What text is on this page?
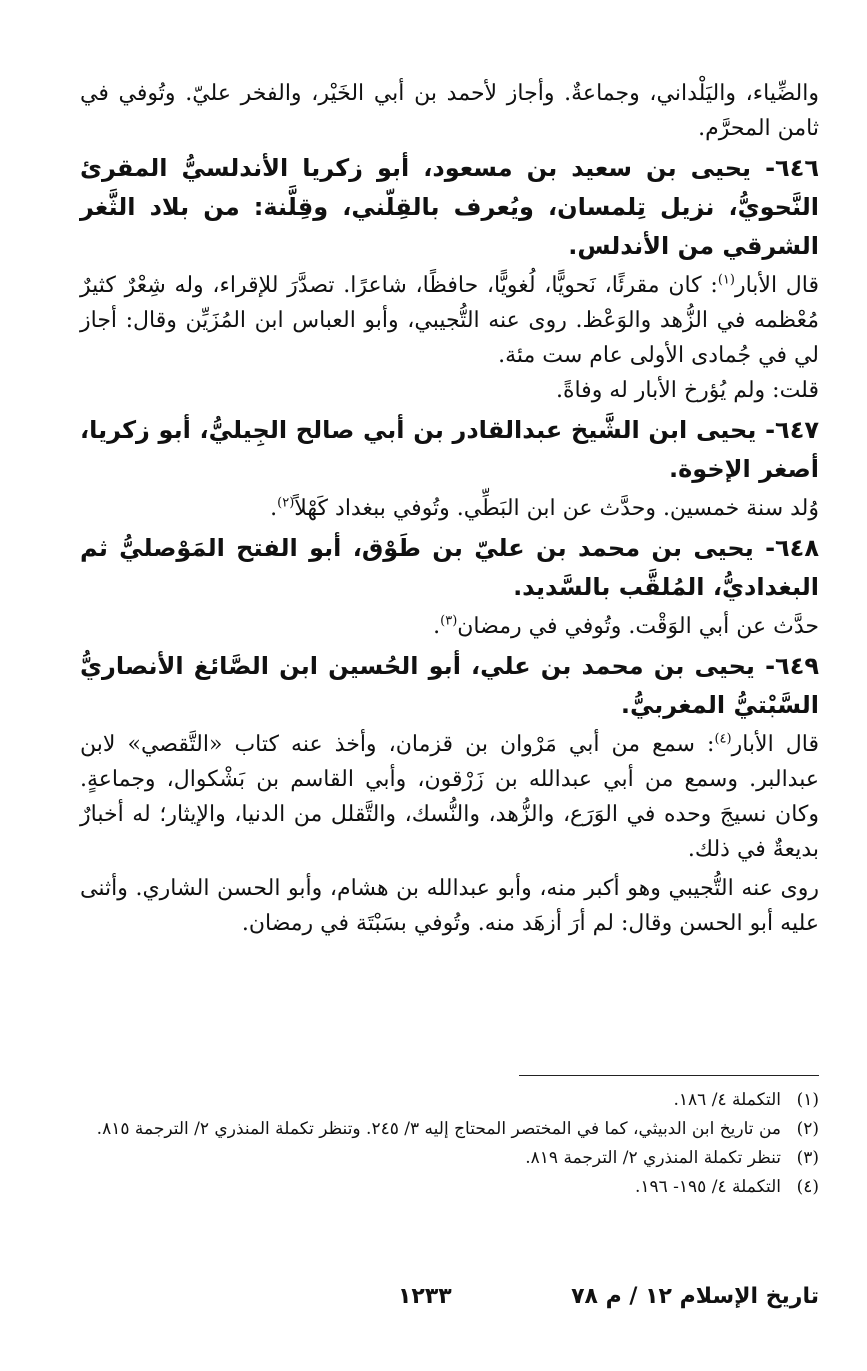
والضِّياء، واليَلْداني، وجماعةٌ. وأجاز لأحمد بن أبي الخَيْر، والفخر عليّ. وتُوفي في ثامن المحرَّم.

٦٤٦- يحيى بن سعيد بن مسعود، أبو زكريا الأندلسيُّ المقرئ النَّحويُّ، نزيل تِلمسان، ويُعرف بالقِلّني، وقِلَّنة: من بلاد الثَّغر الشرقي من الأندلس.

قال الأبار$^{(١)}$: كان مقرئًا، نَحويًّا، لُغويًّا، حافظًا، شاعرًا. تصدَّرَ للإقراء، وله شِعْرٌ كثيرٌ مُعْظمه في الزُّهد والوَعْظ. روى عنه التُّجيبي، وأبو العباس ابن المُزَيِّن وقال: أجاز لي في جُمادى الأولى عام ست مئة.

قلت: ولم يُؤرخ الأبار له وفاةً.

٦٤٧- يحيى ابن الشَّيخ عبدالقادر بن أبي صالح الجِيليُّ، أبو زكريا، أصغر الإخوة.

وُلد سنة خمسين. وحدَّث عن ابن البَطِّي. وتُوفي ببغداد كَهْلاً$^{(٢)}$.

٦٤٨- يحيى بن محمد بن عليّ بن طَوْق، أبو الفتح المَوْصليُّ ثم البغداديُّ، المُلقَّب بالسَّديد.

حدَّث عن أبي الوَقْت. وتُوفي في رمضان$^{(٣)}$.

٦٤٩- يحيى بن محمد بن علي، أبو الحُسين ابن الصَّائغ الأنصاريُّ السَّبْتيُّ المغربيُّ.

قال الأبار$^{(٤)}$: سمع من أبي مَرْوان بن قزمان، وأخذ عنه كتاب «التَّقصي» لابن عبدالبر. وسمع من أبي عبدالله بن زَرْقون، وأبي القاسم بن بَشْكوال، وجماعةٍ. وكان نسيجَ وحده في الوَرَع، والزُّهد، والنُّسك، والتَّقلل من الدنيا، والإيثار؛ له أخبارٌ بديعةٌ في ذلك.

روى عنه التُّجيبي وهو أكبر منه، وأبو عبدالله بن هشام، وأبو الحسن الشاري. وأثنى عليه أبو الحسن وقال: لم أرَ أزهَد منه. وتُوفي بسَبْتَة في رمضان.

(١)
التكملة ٤/ ١٨٦.
(٢)
من تاريخ ابن الدبيثي، كما في المختصر المحتاج إليه ٣/ ٢٤٥. وتنظر تكملة المنذري ٢/ الترجمة ٨١٥.
(٣)
تنظر تكملة المنذري ٢/ الترجمة ٨١٩.
(٤)
التكملة ٤/ ١٩٥- ١٩٦.
تاريخ الإسلام ١٢ / م ٧٨
١٢٣٣
